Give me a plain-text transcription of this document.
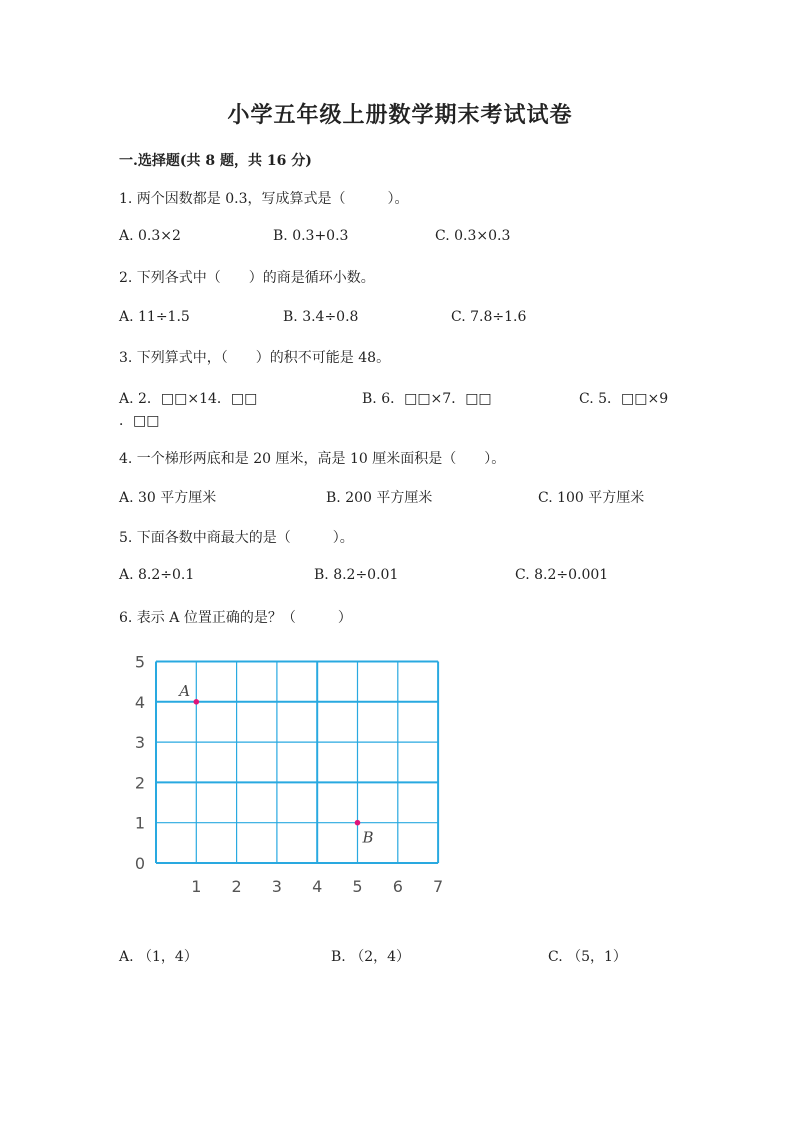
小学五年级上册数学期末考试试卷
一.选择题(共 8 题，共 16 分)
1. 两个因数都是 0.3，写成算式是（　　　）。
A. 0.3×2	B. 0.3+0.3	C. 0.3×0.3
2. 下列各式中（　　）的商是循环小数。
A. 11÷1.5	B. 3.4÷0.8	C. 7.8÷1.6
3. 下列算式中，（　　）的积不可能是 48。
A. 2．□□×14．□□	B. 6．□□×7．□□	C. 5．□□×9
．□□
4. 一个梯形两底和是 20 厘米，高是 10 厘米面积是（　　）。
A. 30 平方厘米	B. 200 平方厘米	C. 100 平方厘米
5. 下面各数中商最大的是（　　　）。
A. 8.2÷0.1	B. 8.2÷0.01	C. 8.2÷0.001
6. 表示 A 位置正确的是？（　　　）
0
1
2
3
4
5
1 2 3 4 5 6 7
A
B
A. （1，4）	B. （2，4）	C. （5，1）
